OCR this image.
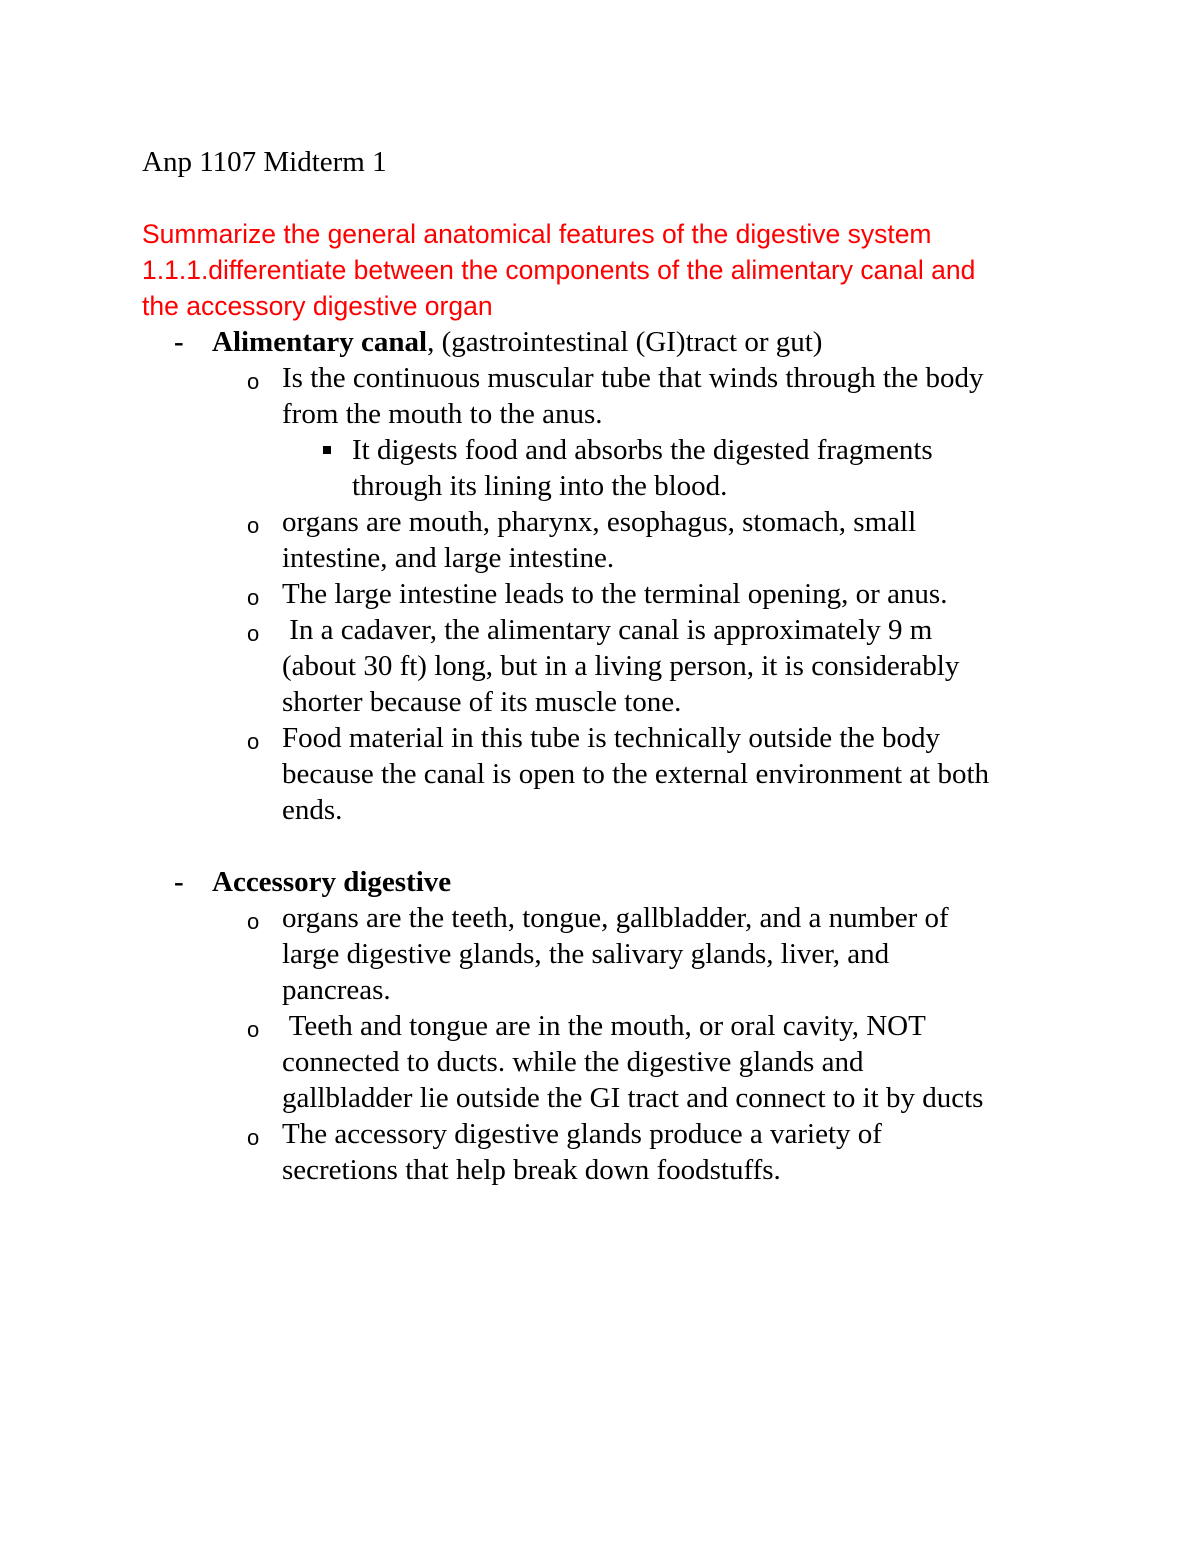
Anp 1107 Midterm 1
Summarize the general anatomical features of the digestive system
1.1.1.differentiate between the components of the alimentary canal and
the accessory digestive organ
- Alimentary canal, (gastrointestinal (GI)tract or gut)
o Is the continuous muscular tube that winds through the body
from the mouth to the anus.
It digests food and absorbs the digested fragments
through its lining into the blood.
o organs are mouth, pharynx, esophagus, stomach, small
intestine, and large intestine.
o The large intestine leads to the terminal opening, or anus.
o In a cadaver, the alimentary canal is approximately 9 m
(about 30 ft) long, but in a living person, it is considerably
shorter because of its muscle tone.
o Food material in this tube is technically outside the body
because the canal is open to the external environment at both
ends.
- Accessory digestive
o organs are the teeth, tongue, gallbladder, and a number of
large digestive glands, the salivary glands, liver, and
pancreas.
o Teeth and tongue are in the mouth, or oral cavity, NOT
connected to ducts. while the digestive glands and
gallbladder lie outside the GI tract and connect to it by ducts
o The accessory digestive glands produce a variety of
secretions that help break down foodstuffs.
